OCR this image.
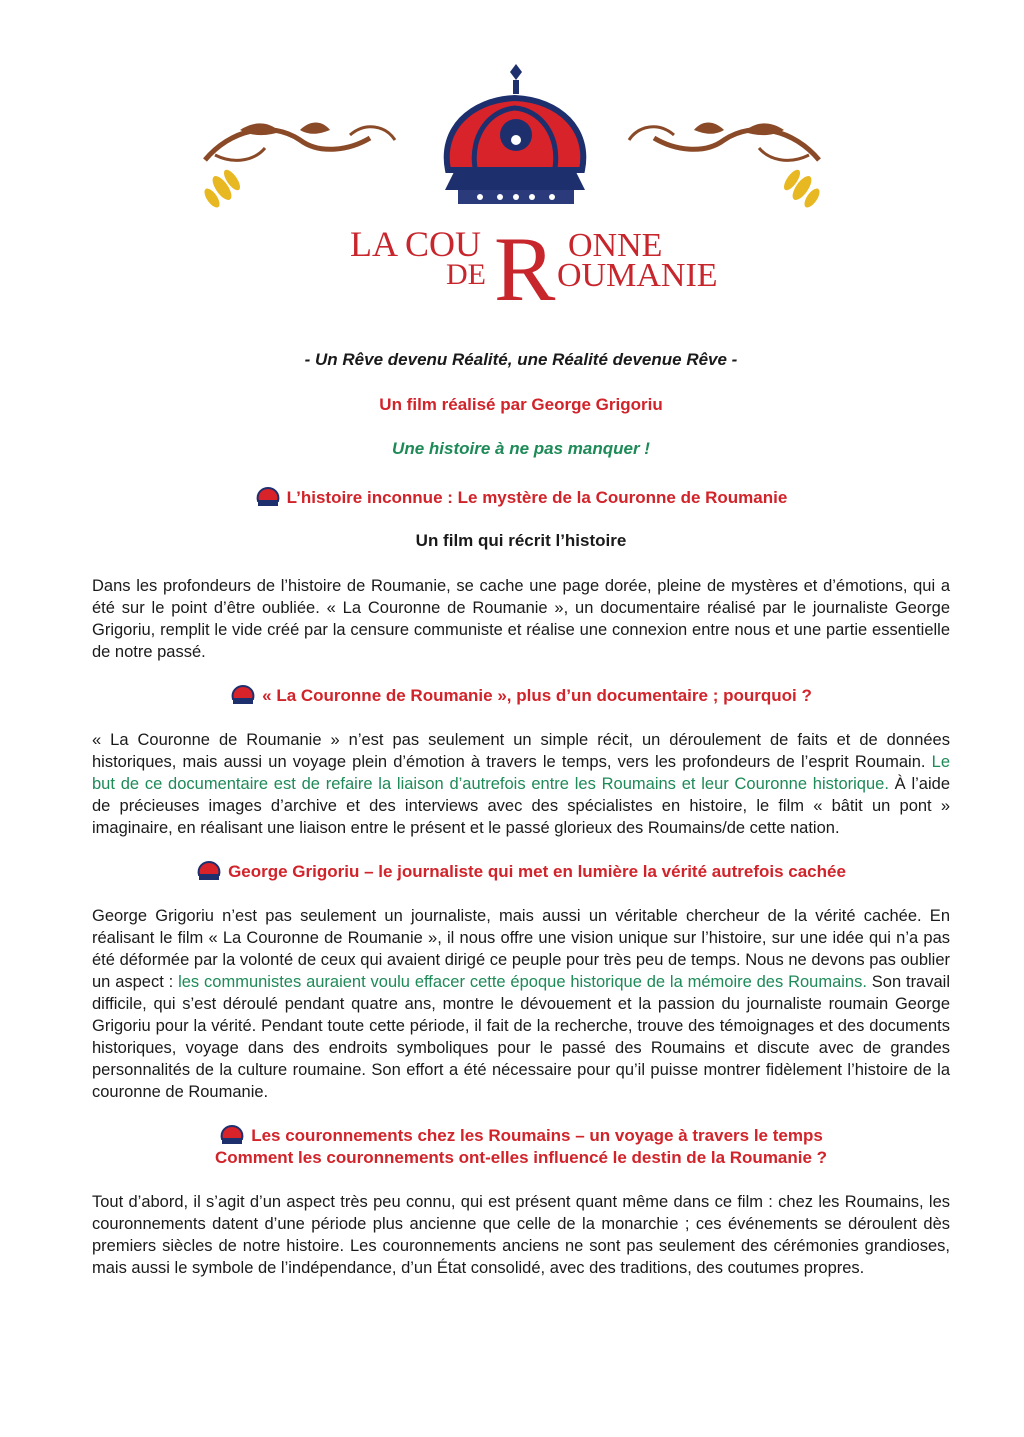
LA COU R ONNE
DE OUMANIE

- Un Rêve devenu Réalité, une Réalité devenue Rêve -

Un film réalisé par George Grigoriu

Une histoire à ne pas manquer !

L’histoire inconnue : Le mystère de la Couronne de Roumanie
Un film qui récrit l’histoire

Dans les profondeurs de l’histoire de Roumanie, se cache une page dorée, pleine de mystères et d’émotions, qui a été sur le point d’être oubliée. « La Couronne de Roumanie », un documentaire réalisé par le journaliste George Grigoriu, remplit le vide créé par la censure communiste et réalise une connexion entre nous et une partie essentielle de notre passé.

« La Couronne de Roumanie », plus d’un documentaire ; pourquoi ?

« La Couronne de Roumanie » n’est pas seulement un simple récit, un déroulement de faits et de données historiques, mais aussi un voyage plein d’émotion à travers le temps, vers les profondeurs de l’esprit Roumain. Le but de ce documentaire est de refaire la liaison d’autrefois entre les Roumains et leur Couronne historique. À l’aide de précieuses images d’archive et des interviews avec des spécialistes en histoire, le film « bâtit un pont » imaginaire, en réalisant une liaison entre le présent et le passé glorieux des Roumains/de cette nation.

George Grigoriu – le journaliste qui met en lumière la vérité autrefois cachée

George Grigoriu n’est pas seulement un journaliste, mais aussi un véritable chercheur de la vérité cachée. En réalisant le film « La Couronne de Roumanie », il nous offre une vision unique sur l’histoire, sur une idée qui n’a pas été déformée par la volonté de ceux qui avaient dirigé ce peuple pour très peu de temps. Nous ne devons pas oublier un aspect : les communistes auraient voulu effacer cette époque historique de la mémoire des Roumains. Son travail difficile, qui s’est déroulé pendant quatre ans, montre le dévouement et la passion du journaliste roumain George Grigoriu pour la vérité. Pendant toute cette période, il fait de la recherche, trouve des témoignages et des documents historiques, voyage dans des endroits symboliques pour le passé des Roumains et discute avec de grandes personnalités de la culture roumaine. Son effort a été nécessaire pour qu’il puisse montrer fidèlement l’histoire de la couronne de Roumanie.

Les couronnements chez les Roumains – un voyage à travers le temps
Comment les couronnements ont-elles influencé le destin de la Roumanie ?

Tout d’abord, il s’agit d’un aspect très peu connu, qui est présent quant même dans ce film : chez les Roumains, les couronnements datent d’une période plus ancienne que celle de la monarchie ; ces événements se déroulent dès premiers siècles de notre histoire. Les couronnements anciens ne sont pas seulement des cérémonies grandioses, mais aussi le symbole de l’indépendance, d’un État consolidé, avec des traditions, des coutumes propres.
